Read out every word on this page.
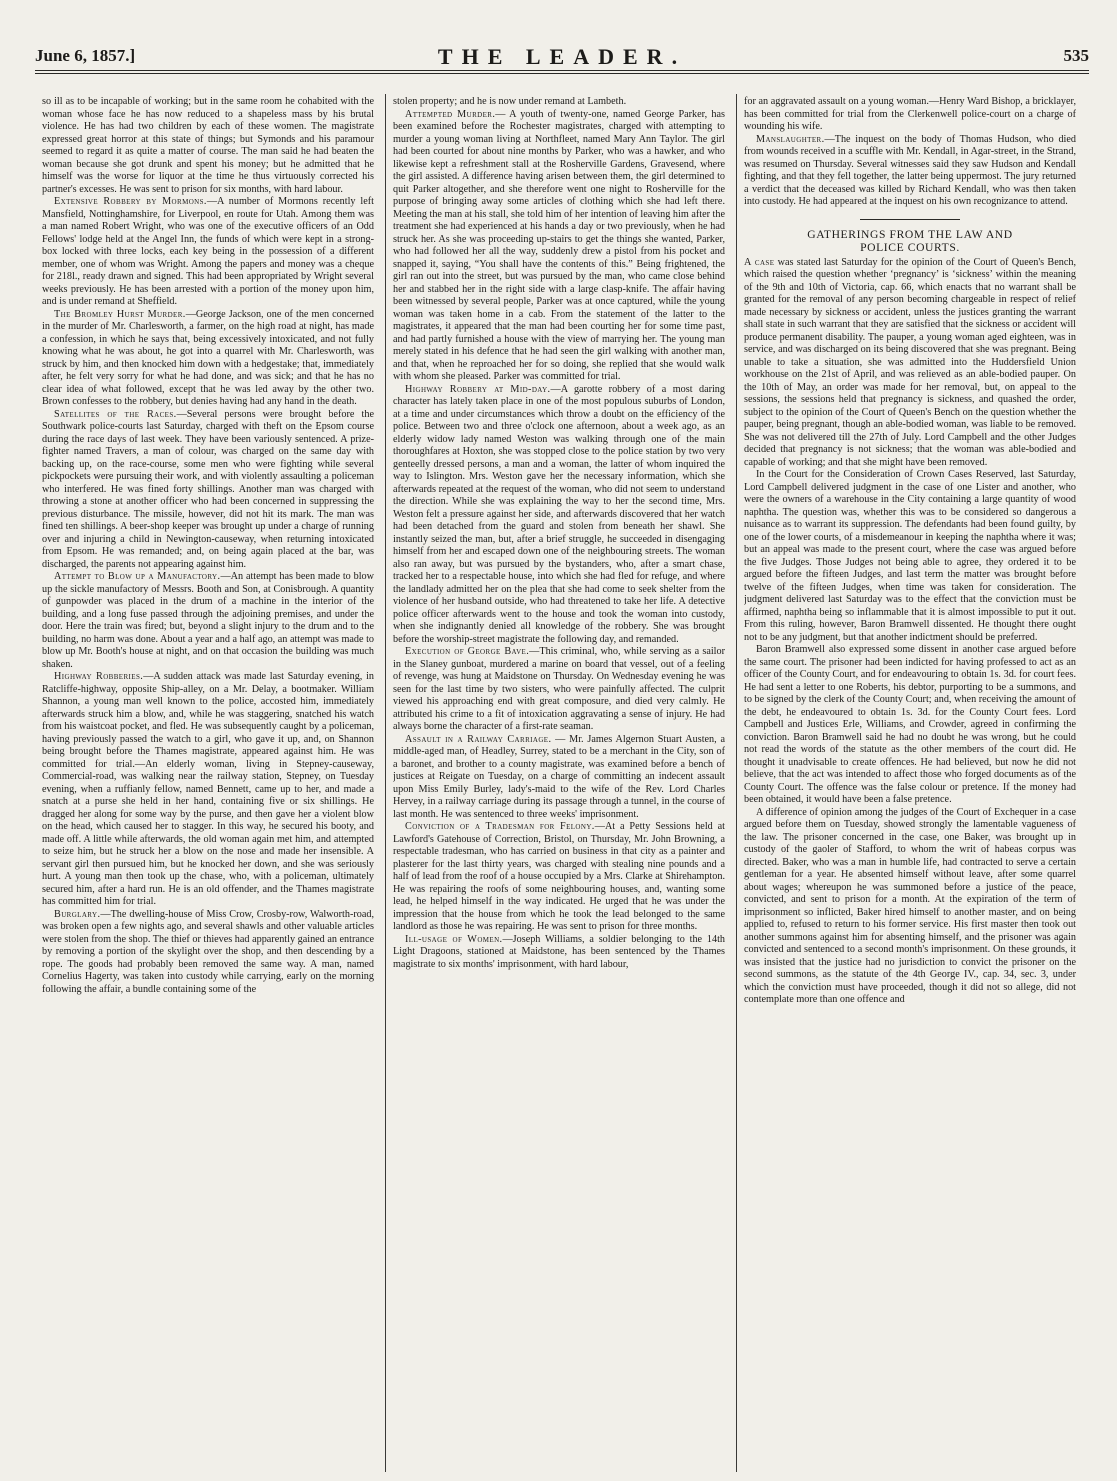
June 6, 1857.]	THE LEADER.	535

so ill as to be incapable of working; but in the same room he cohabited with the woman whose face he has now reduced to a shapeless mass by his brutal violence. He has had two children by each of these women. The magistrate expressed great horror at this state of things; but Symonds and his paramour seemed to regard it as quite a matter of course. The man said he had beaten the woman because she got drunk and spent his money; but he admitted that he himself was the worse for liquor at the time he thus virtuously corrected his partner's excesses. He was sent to prison for six months, with hard labour.

Extensive Robbery by Mormons.—A number of Mormons recently left Mansfield, Nottinghamshire, for Liverpool, en route for Utah. Among them was a man named Robert Wright, who was one of the executive officers of an Odd Fellows' lodge held at the Angel Inn, the funds of which were kept in a strong-box locked with three locks, each key being in the possession of a different member, one of whom was Wright. Among the papers and money was a cheque for 218l., ready drawn and signed. This had been appropriated by Wright several weeks previously. He has been arrested with a portion of the money upon him, and is under remand at Sheffield.

The Bromley Hurst Murder.—George Jackson, one of the men concerned in the murder of Mr. Charlesworth, a farmer, on the high road at night, has made a confession, in which he says that, being excessively intoxicated, and not fully knowing what he was about, he got into a quarrel with Mr. Charlesworth, was struck by him, and then knocked him down with a hedgestake; that, immediately after, he felt very sorry for what he had done, and was sick; and that he has no clear idea of what followed, except that he was led away by the other two. Brown confesses to the robbery, but denies having had any hand in the death.

Satellites of the Races.—Several persons were brought before the Southwark police-courts last Saturday, charged with theft on the Epsom course during the race days of last week. They have been variously sentenced. A prize-fighter named Travers, a man of colour, was charged on the same day with backing up, on the race-course, some men who were fighting while several pickpockets were pursuing their work, and with violently assaulting a policeman who interfered. He was fined forty shillings. Another man was charged with throwing a stone at another officer who had been concerned in suppressing the previous disturbance. The missile, however, did not hit its mark. The man was fined ten shillings. A beer-shop keeper was brought up under a charge of running over and injuring a child in Newington-causeway, when returning intoxicated from Epsom. He was remanded; and, on being again placed at the bar, was discharged, the parents not appearing against him.

Attempt to Blow up a Manufactory.—An attempt has been made to blow up the sickle manufactory of Messrs. Booth and Son, at Conisbrough. A quantity of gunpowder was placed in the drum of a machine in the interior of the building, and a long fuse passed through the adjoining premises, and under the door. Here the train was fired; but, beyond a slight injury to the drum and to the building, no harm was done. About a year and a half ago, an attempt was made to blow up Mr. Booth's house at night, and on that occasion the building was much shaken.

Highway Robberies.—A sudden attack was made last Saturday evening, in Ratcliffe-highway, opposite Ship-alley, on a Mr. Delay, a bootmaker. William Shannon, a young man well known to the police, accosted him, immediately afterwards struck him a blow, and, while he was staggering, snatched his watch from his waistcoat pocket, and fled. He was subsequently caught by a policeman, having previously passed the watch to a girl, who gave it up, and, on Shannon being brought before the Thames magistrate, appeared against him. He was committed for trial.—An elderly woman, living in Stepney-causeway, Commercial-road, was walking near the railway station, Stepney, on Tuesday evening, when a ruffianly fellow, named Bennett, came up to her, and made a snatch at a purse she held in her hand, containing five or six shillings. He dragged her along for some way by the purse, and then gave her a violent blow on the head, which caused her to stagger. In this way, he secured his booty, and made off. A little while afterwards, the old woman again met him, and attempted to seize him, but he struck her a blow on the nose and made her insensible. A servant girl then pursued him, but he knocked her down, and she was seriously hurt. A young man then took up the chase, who, with a policeman, ultimately secured him, after a hard run. He is an old offender, and the Thames magistrate has committed him for trial.

Burglary.—The dwelling-house of Miss Crow, Crosby-row, Walworth-road, was broken open a few nights ago, and several shawls and other valuable articles were stolen from the shop. The thief or thieves had apparently gained an entrance by removing a portion of the skylight over the shop, and then descending by a rope. The goods had probably been removed the same way. A man, named Cornelius Hagerty, was taken into custody while carrying, early on the morning following the affair, a bundle containing some of the

stolen property; and he is now under remand at Lambeth.

Attempted Murder.— A youth of twenty-one, named George Parker, has been examined before the Rochester magistrates, charged with attempting to murder a young woman living at Northfleet, named Mary Ann Taylor. The girl had been courted for about nine months by Parker, who was a hawker, and who likewise kept a refreshment stall at the Rosherville Gardens, Gravesend, where the girl assisted. A difference having arisen between them, the girl determined to quit Parker altogether, and she therefore went one night to Rosherville for the purpose of bringing away some articles of clothing which she had left there. Meeting the man at his stall, she told him of her intention of leaving him after the treatment she had experienced at his hands a day or two previously, when he had struck her. As she was proceeding up-stairs to get the things she wanted, Parker, who had followed her all the way, suddenly drew a pistol from his pocket and snapped it, saying, “You shall have the contents of this.” Being frightened, the girl ran out into the street, but was pursued by the man, who came close behind her and stabbed her in the right side with a large clasp-knife. The affair having been witnessed by several people, Parker was at once captured, while the young woman was taken home in a cab. From the statement of the latter to the magistrates, it appeared that the man had been courting her for some time past, and had partly furnished a house with the view of marrying her. The young man merely stated in his defence that he had seen the girl walking with another man, and that, when he reproached her for so doing, she replied that she would walk with whom she pleased. Parker was committed for trial.

Highway Robbery at Mid-day.—A garotte robbery of a most daring character has lately taken place in one of the most populous suburbs of London, at a time and under circumstances which throw a doubt on the efficiency of the police. Between two and three o'clock one afternoon, about a week ago, as an elderly widow lady named Weston was walking through one of the main thoroughfares at Hoxton, she was stopped close to the police station by two very genteelly dressed persons, a man and a woman, the latter of whom inquired the way to Islington. Mrs. Weston gave her the necessary information, which she afterwards repeated at the request of the woman, who did not seem to understand the direction. While she was explaining the way to her the second time, Mrs. Weston felt a pressure against her side, and afterwards discovered that her watch had been detached from the guard and stolen from beneath her shawl. She instantly seized the man, but, after a brief struggle, he succeeded in disengaging himself from her and escaped down one of the neighbouring streets. The woman also ran away, but was pursued by the bystanders, who, after a smart chase, tracked her to a respectable house, into which she had fled for refuge, and where the landlady admitted her on the plea that she had come to seek shelter from the violence of her husband outside, who had threatened to take her life. A detective police officer afterwards went to the house and took the woman into custody, when she indignantly denied all knowledge of the robbery. She was brought before the worship-street magistrate the following day, and remanded.

Execution of George Bave.—This criminal, who, while serving as a sailor in the Slaney gunboat, murdered a marine on board that vessel, out of a feeling of revenge, was hung at Maidstone on Thursday. On Wednesday evening he was seen for the last time by two sisters, who were painfully affected. The culprit viewed his approaching end with great composure, and died very calmly. He attributed his crime to a fit of intoxication aggravating a sense of injury. He had always borne the character of a first-rate seaman.

Assault in a Railway Carriage. — Mr. James Algernon Stuart Austen, a middle-aged man, of Headley, Surrey, stated to be a merchant in the City, son of a baronet, and brother to a county magistrate, was examined before a bench of justices at Reigate on Tuesday, on a charge of committing an indecent assault upon Miss Emily Burley, lady's-maid to the wife of the Rev. Lord Charles Hervey, in a railway carriage during its passage through a tunnel, in the course of last month. He was sentenced to three weeks' imprisonment.

Conviction of a Tradesman for Felony.—At a Petty Sessions held at Lawford's Gatehouse of Correction, Bristol, on Thursday, Mr. John Browning, a respectable tradesman, who has carried on business in that city as a painter and plasterer for the last thirty years, was charged with stealing nine pounds and a half of lead from the roof of a house occupied by a Mrs. Clarke at Shirehampton. He was repairing the roofs of some neighbouring houses, and, wanting some lead, he helped himself in the way indicated. He urged that he was under the impression that the house from which he took the lead belonged to the same landlord as those he was repairing. He was sent to prison for three months.

Ill-usage of Women.—Joseph Williams, a soldier belonging to the 14th Light Dragoons, stationed at Maidstone, has been sentenced by the Thames magistrate to six months' imprisonment, with hard labour,

for an aggravated assault on a young woman.—Henry Ward Bishop, a bricklayer, has been committed for trial from the Clerkenwell police-court on a charge of wounding his wife.

Manslaughter.—The inquest on the body of Thomas Hudson, who died from wounds received in a scuffle with Mr. Kendall, in Agar-street, in the Strand, was resumed on Thursday. Several witnesses said they saw Hudson and Kendall fighting, and that they fell together, the latter being uppermost. The jury returned a verdict that the deceased was killed by Richard Kendall, who was then taken into custody. He had appeared at the inquest on his own recognizance to attend.

GATHERINGS FROM THE LAW AND
POLICE COURTS.

A case was stated last Saturday for the opinion of the Court of Queen's Bench, which raised the question whether ‘pregnancy’ is ‘sickness’ within the meaning of the 9th and 10th of Victoria, cap. 66, which enacts that no warrant shall be granted for the removal of any person becoming chargeable in respect of relief made necessary by sickness or accident, unless the justices granting the warrant shall state in such warrant that they are satisfied that the sickness or accident will produce permanent disability. The pauper, a young woman aged eighteen, was in service, and was discharged on its being discovered that she was pregnant. Being unable to take a situation, she was admitted into the Huddersfield Union workhouse on the 21st of April, and was relieved as an able-bodied pauper. On the 10th of May, an order was made for her removal, but, on appeal to the sessions, the sessions held that pregnancy is sickness, and quashed the order, subject to the opinion of the Court of Queen's Bench on the question whether the pauper, being pregnant, though an able-bodied woman, was liable to be removed. She was not delivered till the 27th of July. Lord Campbell and the other Judges decided that pregnancy is not sickness; that the woman was able-bodied and capable of working; and that she might have been removed.

In the Court for the Consideration of Crown Cases Reserved, last Saturday, Lord Campbell delivered judgment in the case of one Lister and another, who were the owners of a warehouse in the City containing a large quantity of wood naphtha. The question was, whether this was to be considered so dangerous a nuisance as to warrant its suppression. The defendants had been found guilty, by one of the lower courts, of a misdemeanour in keeping the naphtha where it was; but an appeal was made to the present court, where the case was argued before the five Judges. Those Judges not being able to agree, they ordered it to be argued before the fifteen Judges, and last term the matter was brought before twelve of the fifteen Judges, when time was taken for consideration. The judgment delivered last Saturday was to the effect that the conviction must be affirmed, naphtha being so inflammable that it is almost impossible to put it out. From this ruling, however, Baron Bramwell dissented. He thought there ought not to be any judgment, but that another indictment should be preferred.

Baron Bramwell also expressed some dissent in another case argued before the same court. The prisoner had been indicted for having professed to act as an officer of the County Court, and for endeavouring to obtain 1s. 3d. for court fees. He had sent a letter to one Roberts, his debtor, purporting to be a summons, and to be signed by the clerk of the County Court; and, when receiving the amount of the debt, he endeavoured to obtain 1s. 3d. for the County Court fees. Lord Campbell and Justices Erle, Williams, and Crowder, agreed in confirming the conviction. Baron Bramwell said he had no doubt he was wrong, but he could not read the words of the statute as the other members of the court did. He thought it unadvisable to create offences. He had believed, but now he did not believe, that the act was intended to affect those who forged documents as of the County Court. The offence was the false colour or pretence. If the money had been obtained, it would have been a false pretence.

A difference of opinion among the judges of the Court of Exchequer in a case argued before them on Tuesday, showed strongly the lamentable vagueness of the law. The prisoner concerned in the case, one Baker, was brought up in custody of the gaoler of Stafford, to whom the writ of habeas corpus was directed. Baker, who was a man in humble life, had contracted to serve a certain gentleman for a year. He absented himself without leave, after some quarrel about wages; whereupon he was summoned before a justice of the peace, convicted, and sent to prison for a month. At the expiration of the term of imprisonment so inflicted, Baker hired himself to another master, and on being applied to, refused to return to his former service. His first master then took out another summons against him for absenting himself, and the prisoner was again convicted and sentenced to a second month's imprisonment. On these grounds, it was insisted that the justice had no jurisdiction to convict the prisoner on the second summons, as the statute of the 4th George IV., cap. 34, sec. 3, under which the conviction must have proceeded, though it did not so allege, did not contemplate more than one offence and
